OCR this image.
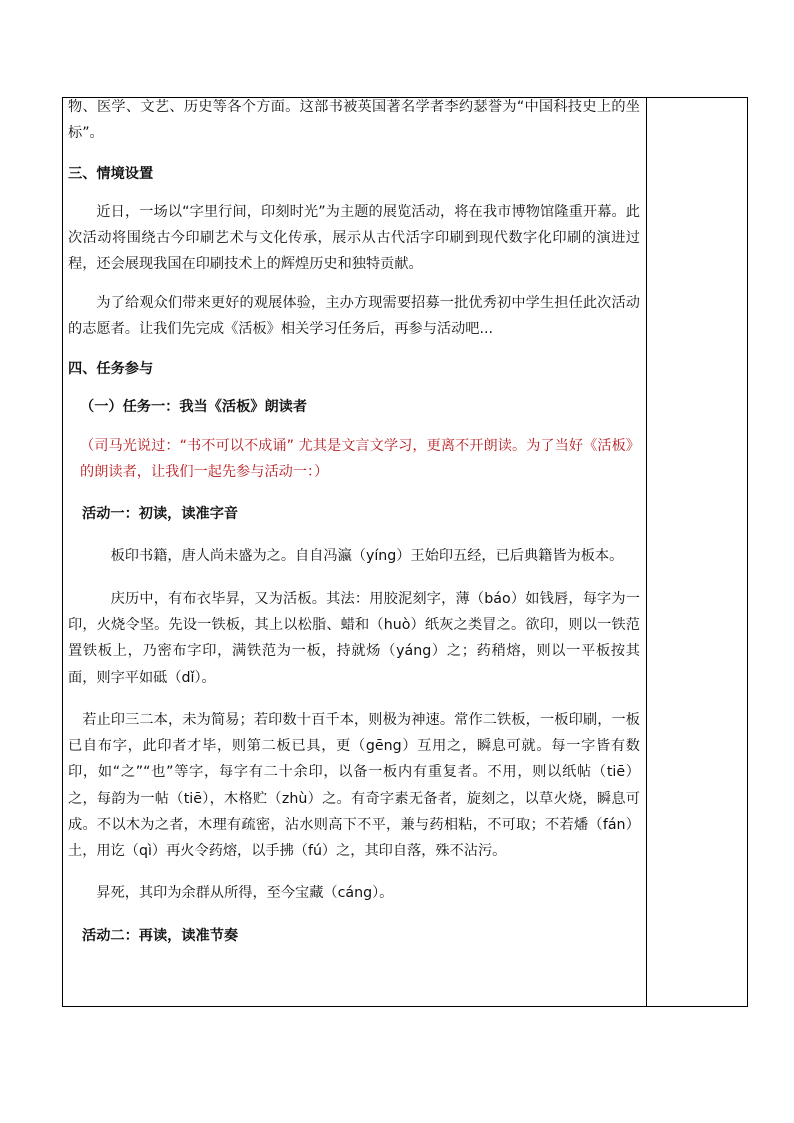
物、医学、文艺、历史等各个方面。这部书被英国著名学者李约瑟誉为“中国科技史上的坐标”。

三、情境设置

近日，一场以“字里行间，印刻时光”为主题的展览活动，将在我市博物馆隆重开幕。此次活动将围绕古今印刷艺术与文化传承，展示从古代活字印刷到现代数字化印刷的演进过程，还会展现我国在印刷技术上的辉煌历史和独特贡献。

为了给观众们带来更好的观展体验，主办方现需要招募一批优秀初中学生担任此次活动的志愿者。让我们先完成《活板》相关学习任务后，再参与活动吧...

四、任务参与

（一）任务一：我当《活板》朗读者

（司马光说过：“书不可以不成诵” 尤其是文言文学习，更离不开朗读。为了当好《活板》的朗读者，让我们一起先参与活动一：）

活动一：初读，读准字音

板印书籍，唐人尚未盛为之。自自冯瀛（yíng）王始印五经，已后典籍皆为板本。

庆历中，有布衣毕昇，又为活板。其法：用胶泥刻字，薄（báo）如钱唇，每字为一印，火烧令坚。先设一铁板，其上以松脂、蜡和（huò）纸灰之类冒之。欲印，则以一铁范置铁板上，乃密布字印，满铁范为一板，持就炀（yáng）之；药稍熔，则以一平板按其面，则字平如砥（dǐ）。

若止印三二本，未为简易；若印数十百千本，则极为神速。常作二铁板，一板印刷，一板已自布字，此印者才毕，则第二板已具，更（gēng）互用之，瞬息可就。每一字皆有数印，如“之”“也”等字，每字有二十余印，以备一板内有重复者。不用，则以纸帖（tiē）之，每韵为一帖（tiē），木格贮（zhù）之。有奇字素无备者，旋刻之，以草火烧，瞬息可成。不以木为之者，木理有疏密，沾水则高下不平，兼与药相粘，不可取；不若燔（fán）土，用讫（qì）再火令药熔，以手拂（fú）之，其印自落，殊不沾污。

昇死，其印为余群从所得，至今宝藏（cáng）。

活动二：再读，读准节奏
